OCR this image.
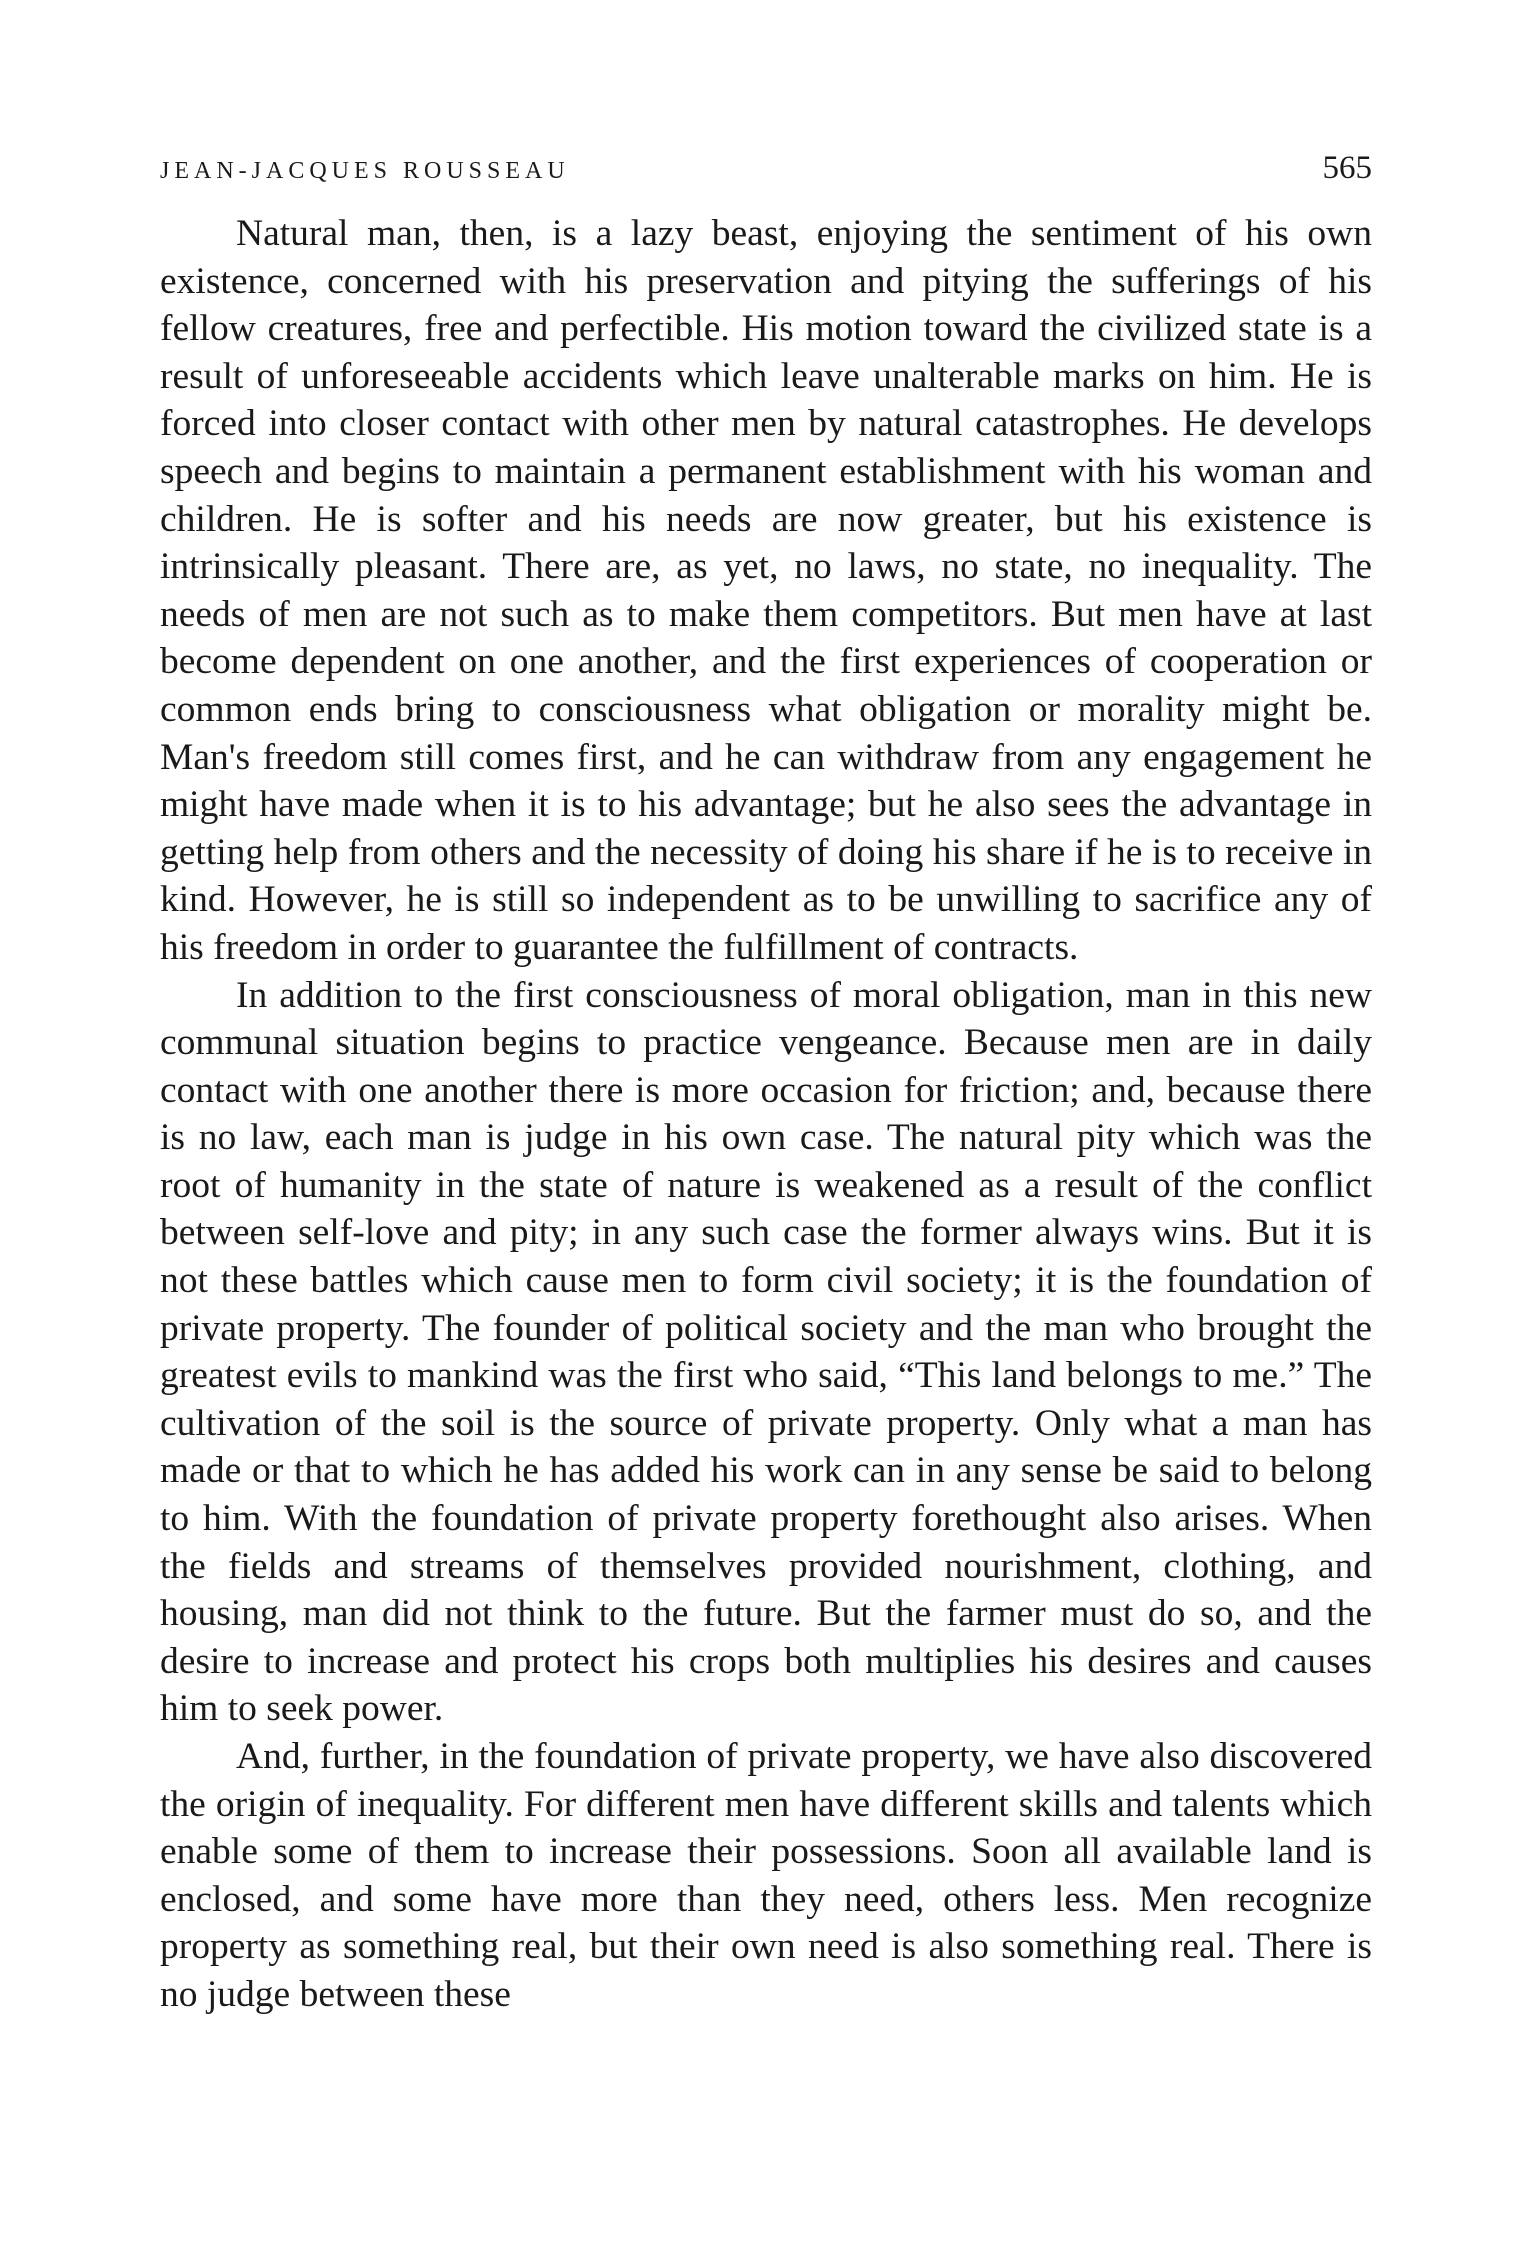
JEAN-JACQUES ROUSSEAU	565

Natural man, then, is a lazy beast, enjoying the sentiment of his own existence, concerned with his preservation and pitying the sufferings of his fellow creatures, free and perfectible. His motion toward the civilized state is a result of unforeseeable accidents which leave unalterable marks on him. He is forced into closer contact with other men by natural catastrophes. He develops speech and begins to maintain a permanent establishment with his woman and children. He is softer and his needs are now greater, but his existence is intrinsically pleasant. There are, as yet, no laws, no state, no inequality. The needs of men are not such as to make them competitors. But men have at last become dependent on one another, and the first experiences of cooperation or common ends bring to consciousness what obligation or morality might be. Man's freedom still comes first, and he can withdraw from any engagement he might have made when it is to his advantage; but he also sees the advantage in getting help from others and the necessity of doing his share if he is to receive in kind. However, he is still so independent as to be unwilling to sacrifice any of his freedom in order to guarantee the fulfillment of contracts.

In addition to the first consciousness of moral obligation, man in this new communal situation begins to practice vengeance. Because men are in daily contact with one another there is more occasion for friction; and, because there is no law, each man is judge in his own case. The natural pity which was the root of humanity in the state of nature is weakened as a result of the conflict between self-love and pity; in any such case the former always wins. But it is not these battles which cause men to form civil society; it is the foundation of private property. The founder of political society and the man who brought the greatest evils to mankind was the first who said, “This land belongs to me.” The cultivation of the soil is the source of private property. Only what a man has made or that to which he has added his work can in any sense be said to belong to him. With the foundation of private property forethought also arises. When the fields and streams of themselves provided nourishment, clothing, and housing, man did not think to the future. But the farmer must do so, and the desire to increase and protect his crops both multiplies his desires and causes him to seek power.

And, further, in the foundation of private property, we have also discovered the origin of inequality. For different men have different skills and talents which enable some of them to increase their possessions. Soon all available land is enclosed, and some have more than they need, others less. Men recognize property as something real, but their own need is also something real. There is no judge between these
